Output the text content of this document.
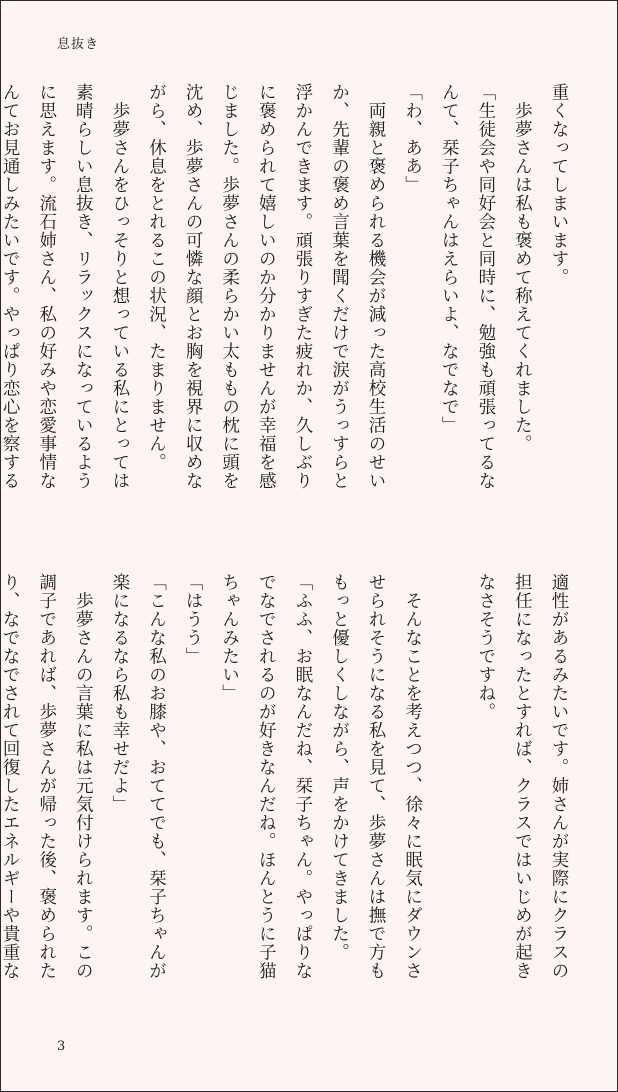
息抜き
重くなってしまいます。
　歩夢さんは私も褒めて称えてくれました。
「生徒会や同好会と同時に、勉強も頑張ってるな
んて、栞子ちゃんはえらいよ、なでなで」
「わ、ああ」
　両親と褒められる機会が減った高校生活のせい
か、先輩の褒め言葉を聞くだけで涙がうっすらと
浮かんできます。頑張りすぎた疲れか、久しぶり
に褒められて嬉しいのか分かりませんが幸福を感
じました。歩夢さんの柔らかい太ももの枕に頭を
沈め、歩夢さんの可憐な顔とお胸を視界に収めな
がら、休息をとれるこの状況、たまりません。
　歩夢さんをひっそりと想っている私にとっては
素晴らしい息抜き、リラックスになっているよう
に思えます。流石姉さん、私の好みや恋愛事情な
んてお見通しみたいです。やっぱり恋心を察する
適性があるみたいです。姉さんが実際にクラスの
担任になったとすれば、クラスではいじめが起き
なさそうですね。
　そんなことを考えつつ、徐々に眠気にダウンさ
せられそうになる私を見て、歩夢さんは撫で方も
もっと優しくしながら、声をかけてきました。
「ふふ、お眠なんだね、栞子ちゃん。やっぱりな
でなでされるのが好きなんだね。ほんとうに子猫
ちゃんみたい」
「はうう」
「こんな私のお膝や、おててでも、栞子ちゃんが
楽になるなら私も幸せだよ」
　歩夢さんの言葉に私は元気付けられます。この
調子であれば、歩夢さんが帰った後、褒められた
り、なでなでされて回復したエネルギーや貴重な
3
